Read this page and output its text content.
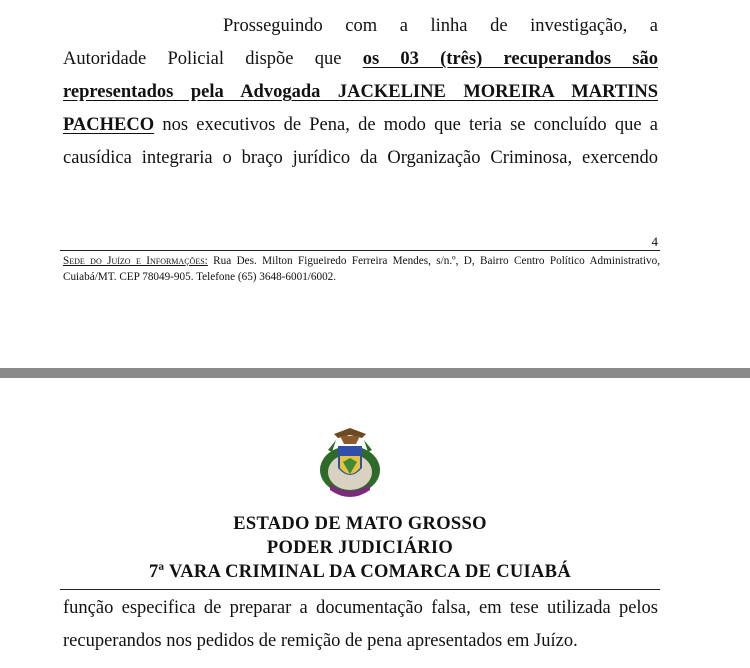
Prosseguindo com a linha de investigação, a
Autoridade Policial dispõe que os 03 (três) recuperandos são
representados pela Advogada JACKELINE MOREIRA MARTINS
PACHECO nos executivos de Pena, de modo que teria se concluído que a
causídica integraria o braço jurídico da Organização Criminosa, exercendo
4
Sede do Juízo e Informações: Rua Des. Milton Figueiredo Ferreira Mendes, s/n.º, D, Bairro Centro Político Administrativo, Cuiabá/MT. CEP 78049-905. Telefone (65) 3648-6001/6002.
ESTADO DE MATO GROSSO
PODER JUDICIÁRIO
7ª VARA CRIMINAL DA COMARCA DE CUIABÁ
função especifica de preparar a documentação falsa, em tese utilizada pelos
recuperandos nos pedidos de remição de pena apresentados em Juízo.
